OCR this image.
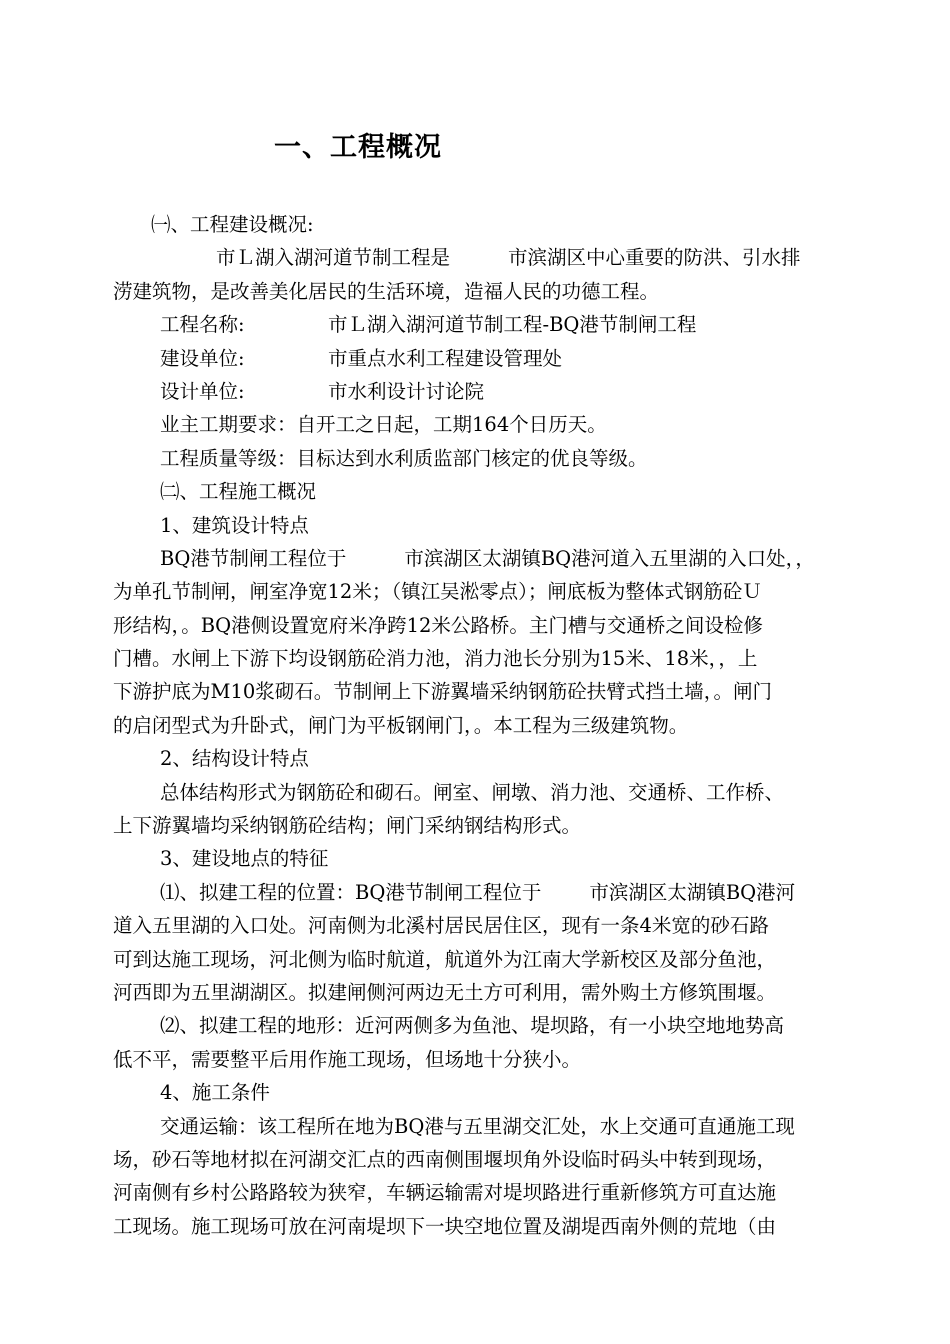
一、工程概况
㈠、工程建设概况:
市Ｌ湖入湖河道节制工程是	市滨湖区中心重要的防洪、引水排
涝建筑物，是改善美化居民的生活环境，造福人民的功德工程。
工程名称:	市Ｌ湖入湖河道节制工程-BQ港节制闸工程
建设单位:	市重点水利工程建设管理处
设计单位:	市水利设计讨论院
业主工期要求：自开工之日起，工期164个日历天。
工程质量等级：目标达到水利质监部门核定的优良等级。
㈡、工程施工概况
1、建筑设计特点
BQ港节制闸工程位于	市滨湖区太湖镇BQ港河道入五里湖的入口处，，
为单孔节制闸，闸室净宽12米；（镇江吴淞零点）；闸底板为整体式钢筋砼Ｕ
形结构，。BQ港侧设置宽府米净跨12米公路桥。主门槽与交通桥之间设检修
门槽。水闸上下游下均设钢筋砼消力池，消力池长分别为15米、18米，，上
下游护底为M10浆砌石。节制闸上下游翼墙采纳钢筋砼扶臂式挡土墙，。闸门
的启闭型式为升卧式，闸门为平板钢闸门，。本工程为三级建筑物。
2、结构设计特点
总体结构形式为钢筋砼和砌石。闸室、闸墩、消力池、交通桥、工作桥、
上下游翼墙均采纳钢筋砼结构；闸门采纳钢结构形式。
3、建设地点的特征
⑴、拟建工程的位置：BQ港节制闸工程位于 市滨湖区太湖镇BQ港河
道入五里湖的入口处。河南侧为北溪村居民居住区，现有一条4米宽的砂石路
可到达施工现场，河北侧为临时航道，航道外为江南大学新校区及部分鱼池，
河西即为五里湖湖区。拟建闸侧河两边无土方可利用，需外购土方修筑围堰。
⑵、拟建工程的地形：近河两侧多为鱼池、堤坝路，有一小块空地地势高
低不平，需要整平后用作施工现场，但场地十分狭小。
4、施工条件
交通运输：该工程所在地为BQ港与五里湖交汇处，水上交通可直通施工现
场，砂石等地材拟在河湖交汇点的西南侧围堰坝角外设临时码头中转到现场，
河南侧有乡村公路路较为狭窄，车辆运输需对堤坝路进行重新修筑方可直达施
工现场。施工现场可放在河南堤坝下一块空地位置及湖堤西南外侧的荒地（由
